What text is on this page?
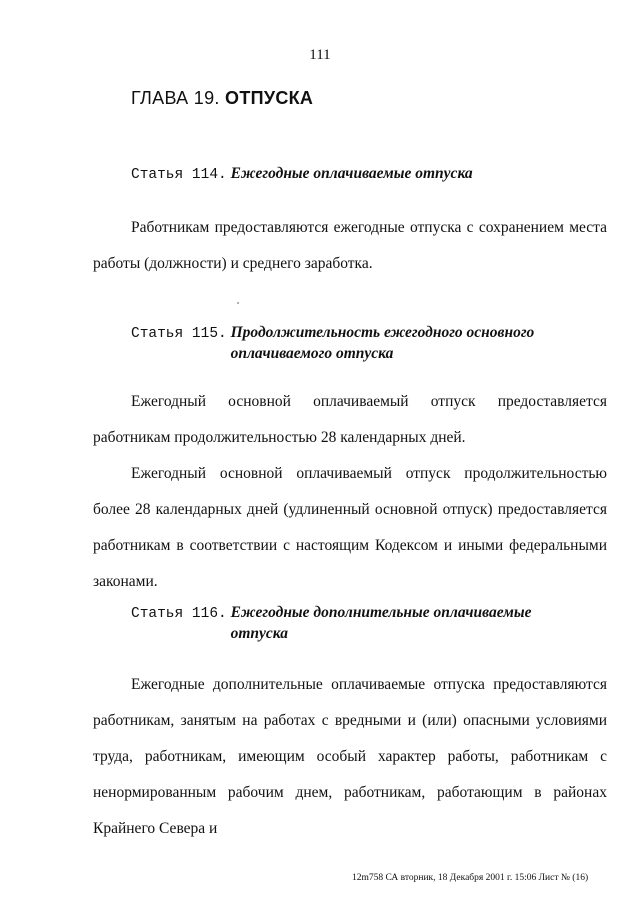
111
ГЛАВА 19. ОТПУСКА
Статья 114. Ежегодные оплачиваемые отпуска

Работникам предоставляются ежегодные отпуска с сохранением места работы (должности) и среднего заработка.

Статья 115. Продолжительность ежегодного основного
оплачиваемого отпуска

Ежегодный основной оплачиваемый отпуск предоставляется работникам продолжительностью 28 календарных дней.

Ежегодный основной оплачиваемый отпуск продолжительностью более 28 календарных дней (удлиненный основной отпуск) предоставляется работникам в соответствии с настоящим Кодексом и иными федеральными законами.

Статья 116. Ежегодные дополнительные оплачиваемые
отпуска

Ежегодные дополнительные оплачиваемые отпуска предоставляются работникам, занятым на работах с вредными и (или) опасными условиями труда, работникам, имеющим особый характер работы, работникам с ненормированным рабочим днем, работникам, работающим в районах Крайнего Севера и

12m758 СА вторник, 18 Декабря 2001 г. 15:06 Лист № (16)
